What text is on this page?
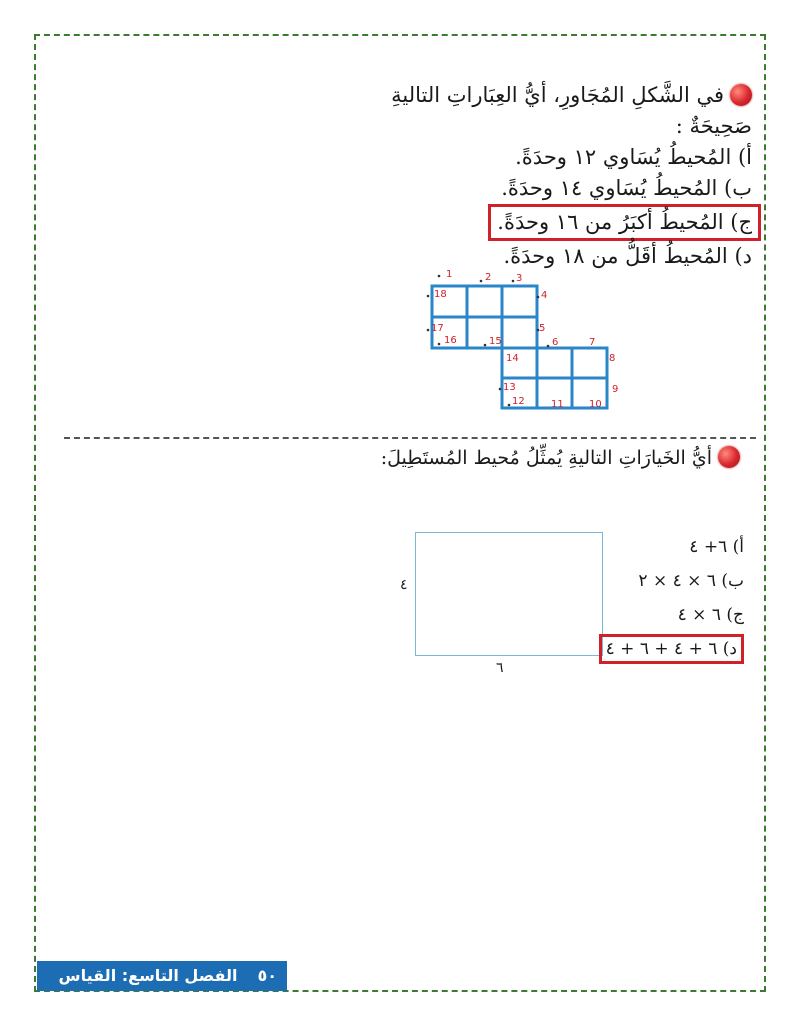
في الشَّكلِ المُجَاورِ، أيُّ العِبَاراتِ التاليةِ

صَحِيحَةٌ :

أ) المُحيطُ يُسَاوي ١٢ وحدَةً.

ب) المُحيطُ يُسَاوي ١٤ وحدَةً.

ج) المُحيطُ أكبَرُ من ١٦ وحدَةً.

د) المُحيطُ أقَلُّ من ١٨ وحدَةً.

1	2 3
4
5
6	7
8
9
10
11
12
13
14
15
16
17
18
أيُّ الخَيارَاتِ التاليةِ يُمثِّلُ مُحيط المُستَطِيلَ:
٤
٦
أ) ٦+ ٤
ب) ٦ × ٤ × ٢
ج) ٦ × ٤
د) ٦ + ٤ + ٦ + ٤
٥٠الفصل التاسع: القياس
